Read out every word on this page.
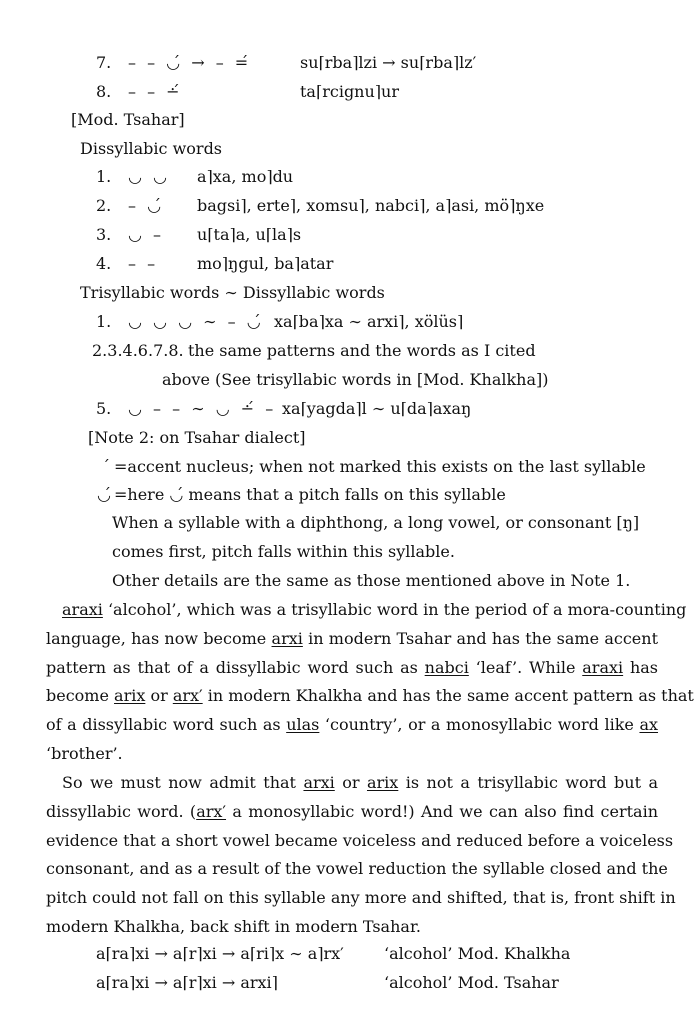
7. – – ◡́ → – =́	su⌈rba⌉lzi → su⌈rba⌉lz′
8. – – ∸́	ta⌈rcignu⌉ur
[Mod. Tsahar]
Dissyllabic words
1. ◡ ◡ a⌉xa, mo⌉du
2. – ◡́ bagsi⌉, erte⌉, xomsu⌉, nabci⌉, a⌉asi, mö⌉ŋxe
3. ◡ – u⌈ta⌉a, u⌈la⌉s
4. – – mo⌉ŋgul, ba⌉atar
Trisyllabic words ∼ Dissyllabic words
1. ◡ ◡ ◡ ∼ – ◡́ xa⌈ba⌉xa ∼ arxi⌉, xölüs⌉
2.3.4.6.7.8. the same patterns and the words as I cited
above (See trisyllabic words in [Mod. Khalkha])
5. ◡ – – ∼ ◡ ∸́ – xa⌈yagda⌉l ∼ u⌈da⌉axaŋ
[Note 2: on Tsahar dialect]
´ =accent nucleus; when not marked this exists on the last syllable
◡́ =here ◡́ means that a pitch falls on this syllable
When a syllable with a diphthong, a long vowel, or consonant [ŋ]
comes first, pitch falls within this syllable.
Other details are the same as those mentioned above in Note 1.
araxi ‘alcohol’, which was a trisyllabic word in the period of a mora-counting
language, has now become arxi in modern Tsahar and has the same accent
pattern as that of a dissyllabic word such as nabci ‘leaf’. While araxi has
become arix or arx′ in modern Khalkha and has the same accent pattern as that
of a dissyllabic word such as ulas ‘country’, or a monosyllabic word like ax
‘brother’.
So we must now admit that arxi or arix is not a trisyllabic word but a
dissyllabic word. (arx′ a monosyllabic word!) And we can also find certain
evidence that a short vowel became voiceless and reduced before a voiceless
consonant, and as a result of the vowel reduction the syllable closed and the
pitch could not fall on this syllable any more and shifted, that is, front shift in
modern Khalkha, back shift in modern Tsahar.
a⌈ra⌉xi → a⌈r⌉xi → a⌈ri⌉x ∼ a⌉rx′	‘alcohol’ Mod. Khalkha
a⌈ra⌉xi → a⌈r⌉xi → arxi⌉	‘alcohol’ Mod. Tsahar
